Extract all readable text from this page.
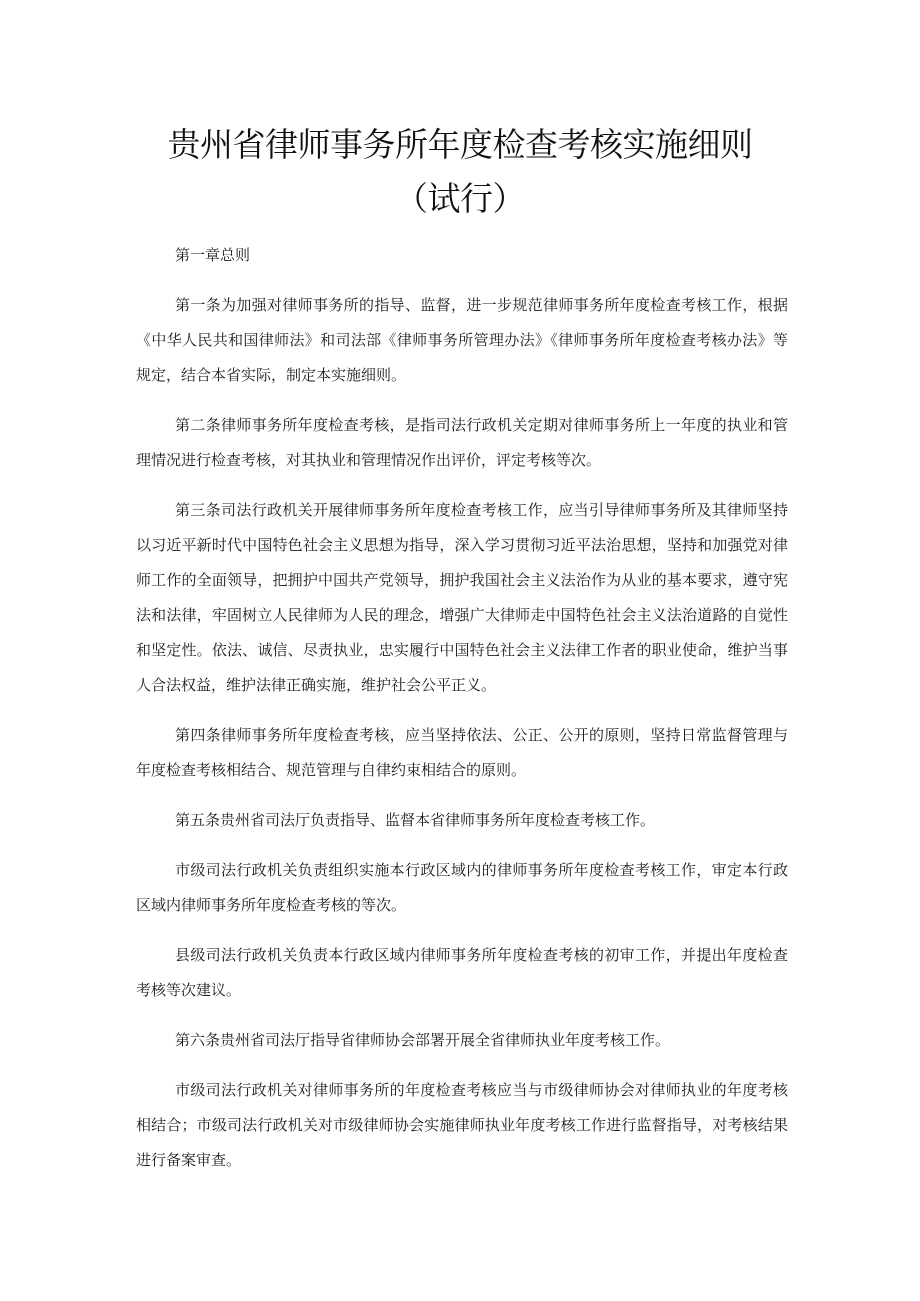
贵州省律师事务所年度检查考核实施细则
（试行）

第一章总则

第一条为加强对律师事务所的指导、监督，进一步规范律师事务所年度检查考核工作，根据《中华人民共和国律师法》和司法部《律师事务所管理办法》《律师事务所年度检查考核办法》等规定，结合本省实际，制定本实施细则。

第二条律师事务所年度检查考核，是指司法行政机关定期对律师事务所上一年度的执业和管理情况进行检查考核，对其执业和管理情况作出评价，评定考核等次。

第三条司法行政机关开展律师事务所年度检查考核工作，应当引导律师事务所及其律师坚持以习近平新时代中国特色社会主义思想为指导，深入学习贯彻习近平法治思想，坚持和加强党对律师工作的全面领导，把拥护中国共产党领导，拥护我国社会主义法治作为从业的基本要求，遵守宪法和法律，牢固树立人民律师为人民的理念，增强广大律师走中国特色社会主义法治道路的自觉性和坚定性。依法、诚信、尽责执业，忠实履行中国特色社会主义法律工作者的职业使命，维护当事人合法权益，维护法律正确实施，维护社会公平正义。

第四条律师事务所年度检查考核，应当坚持依法、公正、公开的原则，坚持日常监督管理与年度检查考核相结合、规范管理与自律约束相结合的原则。

第五条贵州省司法厅负责指导、监督本省律师事务所年度检查考核工作。

市级司法行政机关负责组织实施本行政区域内的律师事务所年度检查考核工作，审定本行政区域内律师事务所年度检查考核的等次。

县级司法行政机关负责本行政区域内律师事务所年度检查考核的初审工作，并提出年度检查考核等次建议。

第六条贵州省司法厅指导省律师协会部署开展全省律师执业年度考核工作。

市级司法行政机关对律师事务所的年度检查考核应当与市级律师协会对律师执业的年度考核相结合；市级司法行政机关对市级律师协会实施律师执业年度考核工作进行监督指导，对考核结果进行备案审查。
